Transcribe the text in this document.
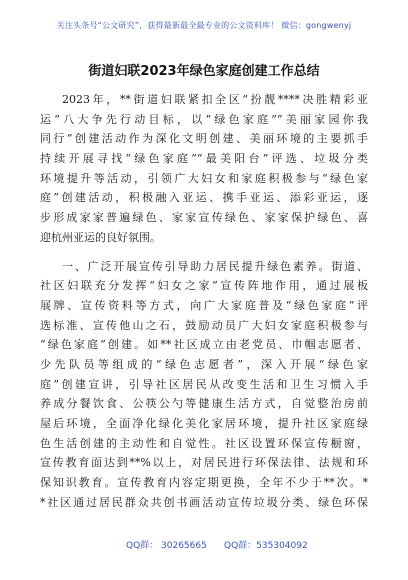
关注头条号“公文研究”，获得最新最全最专业的公文资料库！ 微信：gongwenyj
街道妇联2023年绿色家庭创建工作总结
2023年，**街道妇联紧扣全区“扮靓****决胜精彩亚
运”八大争先行动目标，以“绿色家庭”“美丽家园你我
同行”创建活动作为深化文明创建、美丽环境的主要抓手
持续开展寻找“绿色家庭”“最美阳台”评选、垃圾分类
环境提升等活动，引领广大妇女和家庭积极参与“绿色家
庭”创建活动，积极融入亚运、携手亚运、添彩亚运，逐
步形成家家普遍绿色、家家宣传绿色、家家保护绿色、喜
迎杭州亚运的良好氛围。
一、广泛开展宣传引导助力居民提升绿色素养。街道、
社区妇联充分发挥“妇女之家”宣传阵地作用，通过展板
展牌、宣传资料等方式，向广大家庭普及“绿色家庭”评
选标准、宣传他山之石，鼓励动员广大妇女家庭积极参与
“绿色家庭”创建。如**社区成立由老党员、巾帼志愿者、
少先队员等组成的“绿色志愿者”，深入开展“绿色家
庭”创建宣讲，引导社区居民从改变生活和卫生习惯入手
养成分餐饮食、公筷公勺等健康生活方式，自觉整治房前
屋后环境，全面净化绿化美化家居环境，提升社区家庭绿
色生活创建的主动性和自觉性。社区设置环保宣传橱窗，
宣传教育面达到**%以上，对居民进行环保法律、法规和环
保知识教育。宣传教育内容定期更换，全年不少于**次。*
*社区通过居民群众共创书画活动宣传垃圾分类、绿色环保
QQ群： 30265665 QQ群：535304092
